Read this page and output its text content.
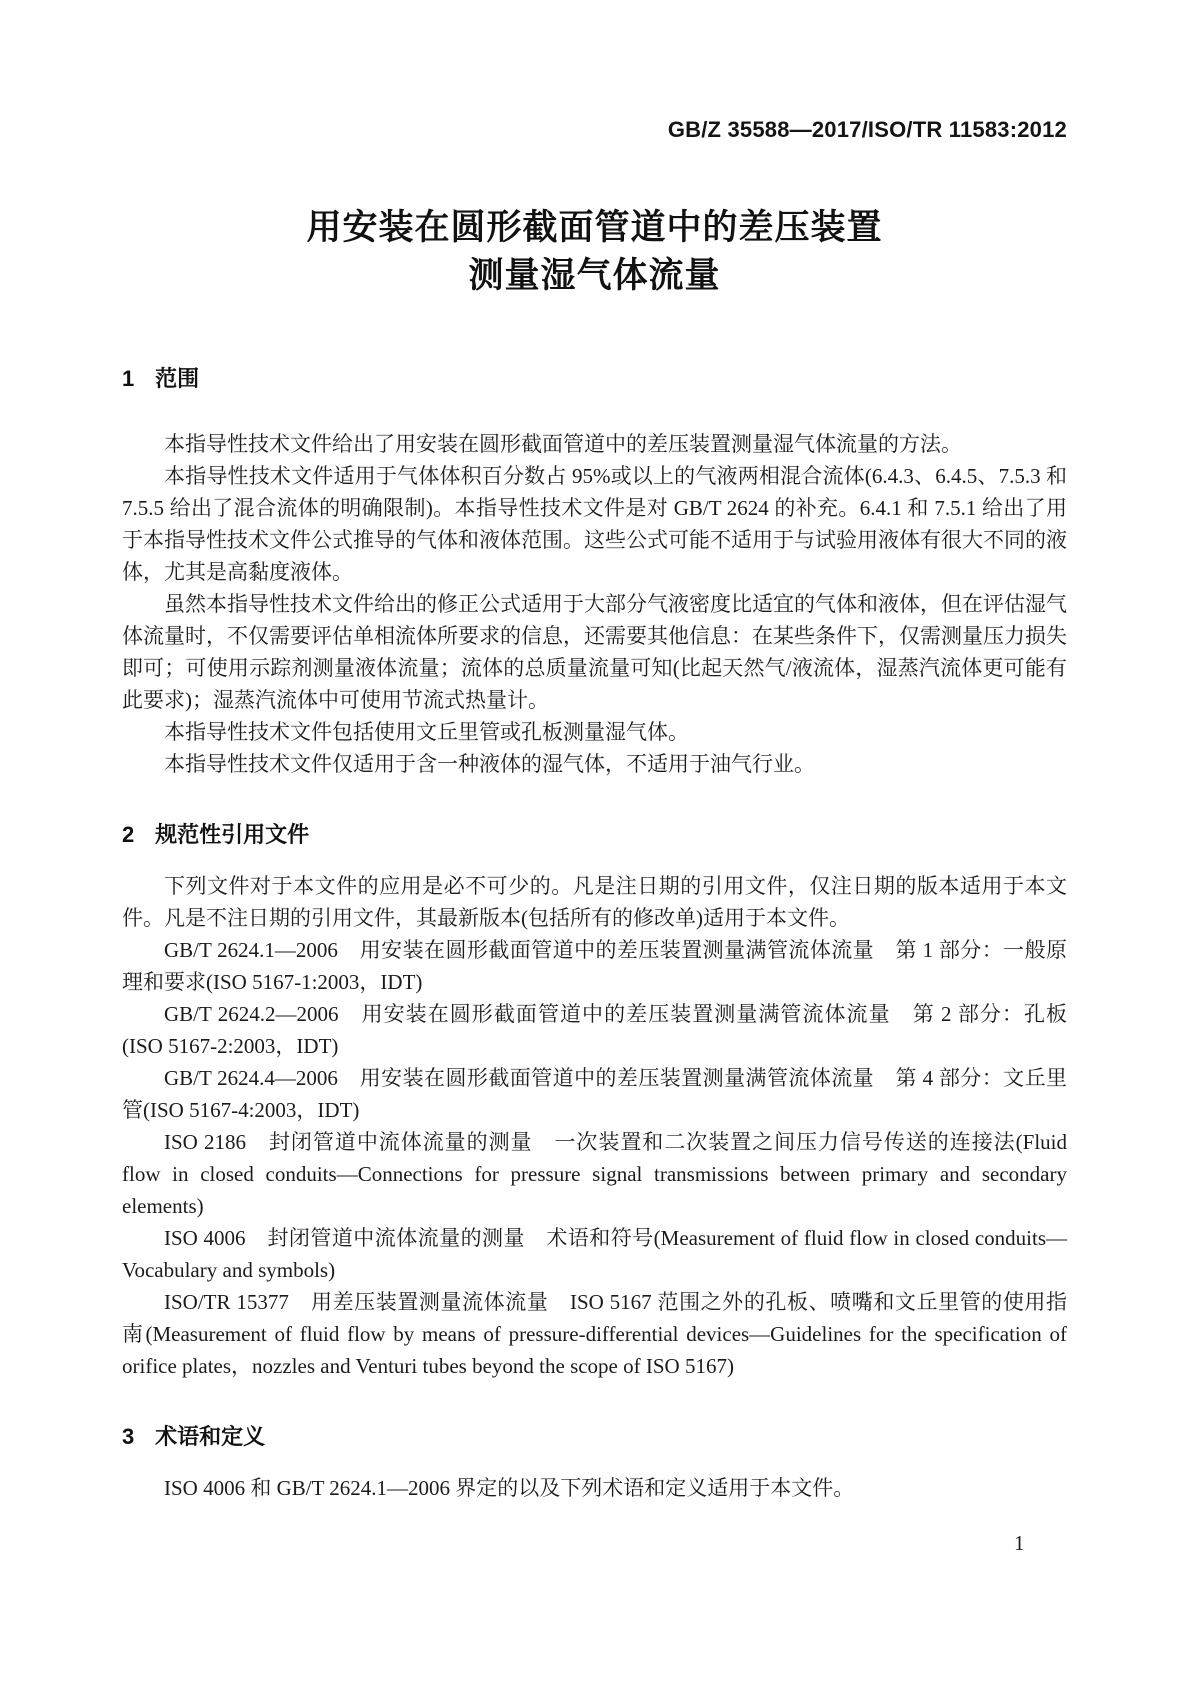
GB/Z 35588—2017/ISO/TR 11583:2012
用安装在圆形截面管道中的差压装置
测量湿气体流量
1 范围

本指导性技术文件给出了用安装在圆形截面管道中的差压装置测量湿气体流量的方法。

本指导性技术文件适用于气体体积百分数占 95%或以上的气液两相混合流体(6.4.3、6.4.5、7.5.3 和 7.5.5 给出了混合流体的明确限制)。本指导性技术文件是对 GB/T 2624 的补充。6.4.1 和 7.5.1 给出了用于本指导性技术文件公式推导的气体和液体范围。这些公式可能不适用于与试验用液体有很大不同的液体，尤其是高黏度液体。

虽然本指导性技术文件给出的修正公式适用于大部分气液密度比适宜的气体和液体，但在评估湿气体流量时，不仅需要评估单相流体所要求的信息，还需要其他信息：在某些条件下，仅需测量压力损失即可；可使用示踪剂测量液体流量；流体的总质量流量可知(比起天然气/液流体，湿蒸汽流体更可能有此要求)；湿蒸汽流体中可使用节流式热量计。

本指导性技术文件包括使用文丘里管或孔板测量湿气体。

本指导性技术文件仅适用于含一种液体的湿气体，不适用于油气行业。

2 规范性引用文件

下列文件对于本文件的应用是必不可少的。凡是注日期的引用文件，仅注日期的版本适用于本文件。凡是不注日期的引用文件，其最新版本(包括所有的修改单)适用于本文件。

GB/T 2624.1—2006　用安装在圆形截面管道中的差压装置测量满管流体流量　第 1 部分：一般原理和要求(ISO 5167-1:2003，IDT)

GB/T 2624.2—2006　用安装在圆形截面管道中的差压装置测量满管流体流量　第 2 部分：孔板(ISO 5167-2:2003，IDT)

GB/T 2624.4—2006　用安装在圆形截面管道中的差压装置测量满管流体流量　第 4 部分：文丘里管(ISO 5167-4:2003，IDT)

ISO 2186　封闭管道中流体流量的测量　一次装置和二次装置之间压力信号传送的连接法(Fluid flow in closed conduits—Connections for pressure signal transmissions between primary and secondary elements)

ISO 4006　封闭管道中流体流量的测量　术语和符号(Measurement of fluid flow in closed conduits—Vocabulary and symbols)

ISO/TR 15377　用差压装置测量流体流量　ISO 5167 范围之外的孔板、喷嘴和文丘里管的使用指南(Measurement of fluid flow by means of pressure-differential devices—Guidelines for the specification of orifice plates，nozzles and Venturi tubes beyond the scope of ISO 5167)

3 术语和定义

ISO 4006 和 GB/T 2624.1—2006 界定的以及下列术语和定义适用于本文件。

1
